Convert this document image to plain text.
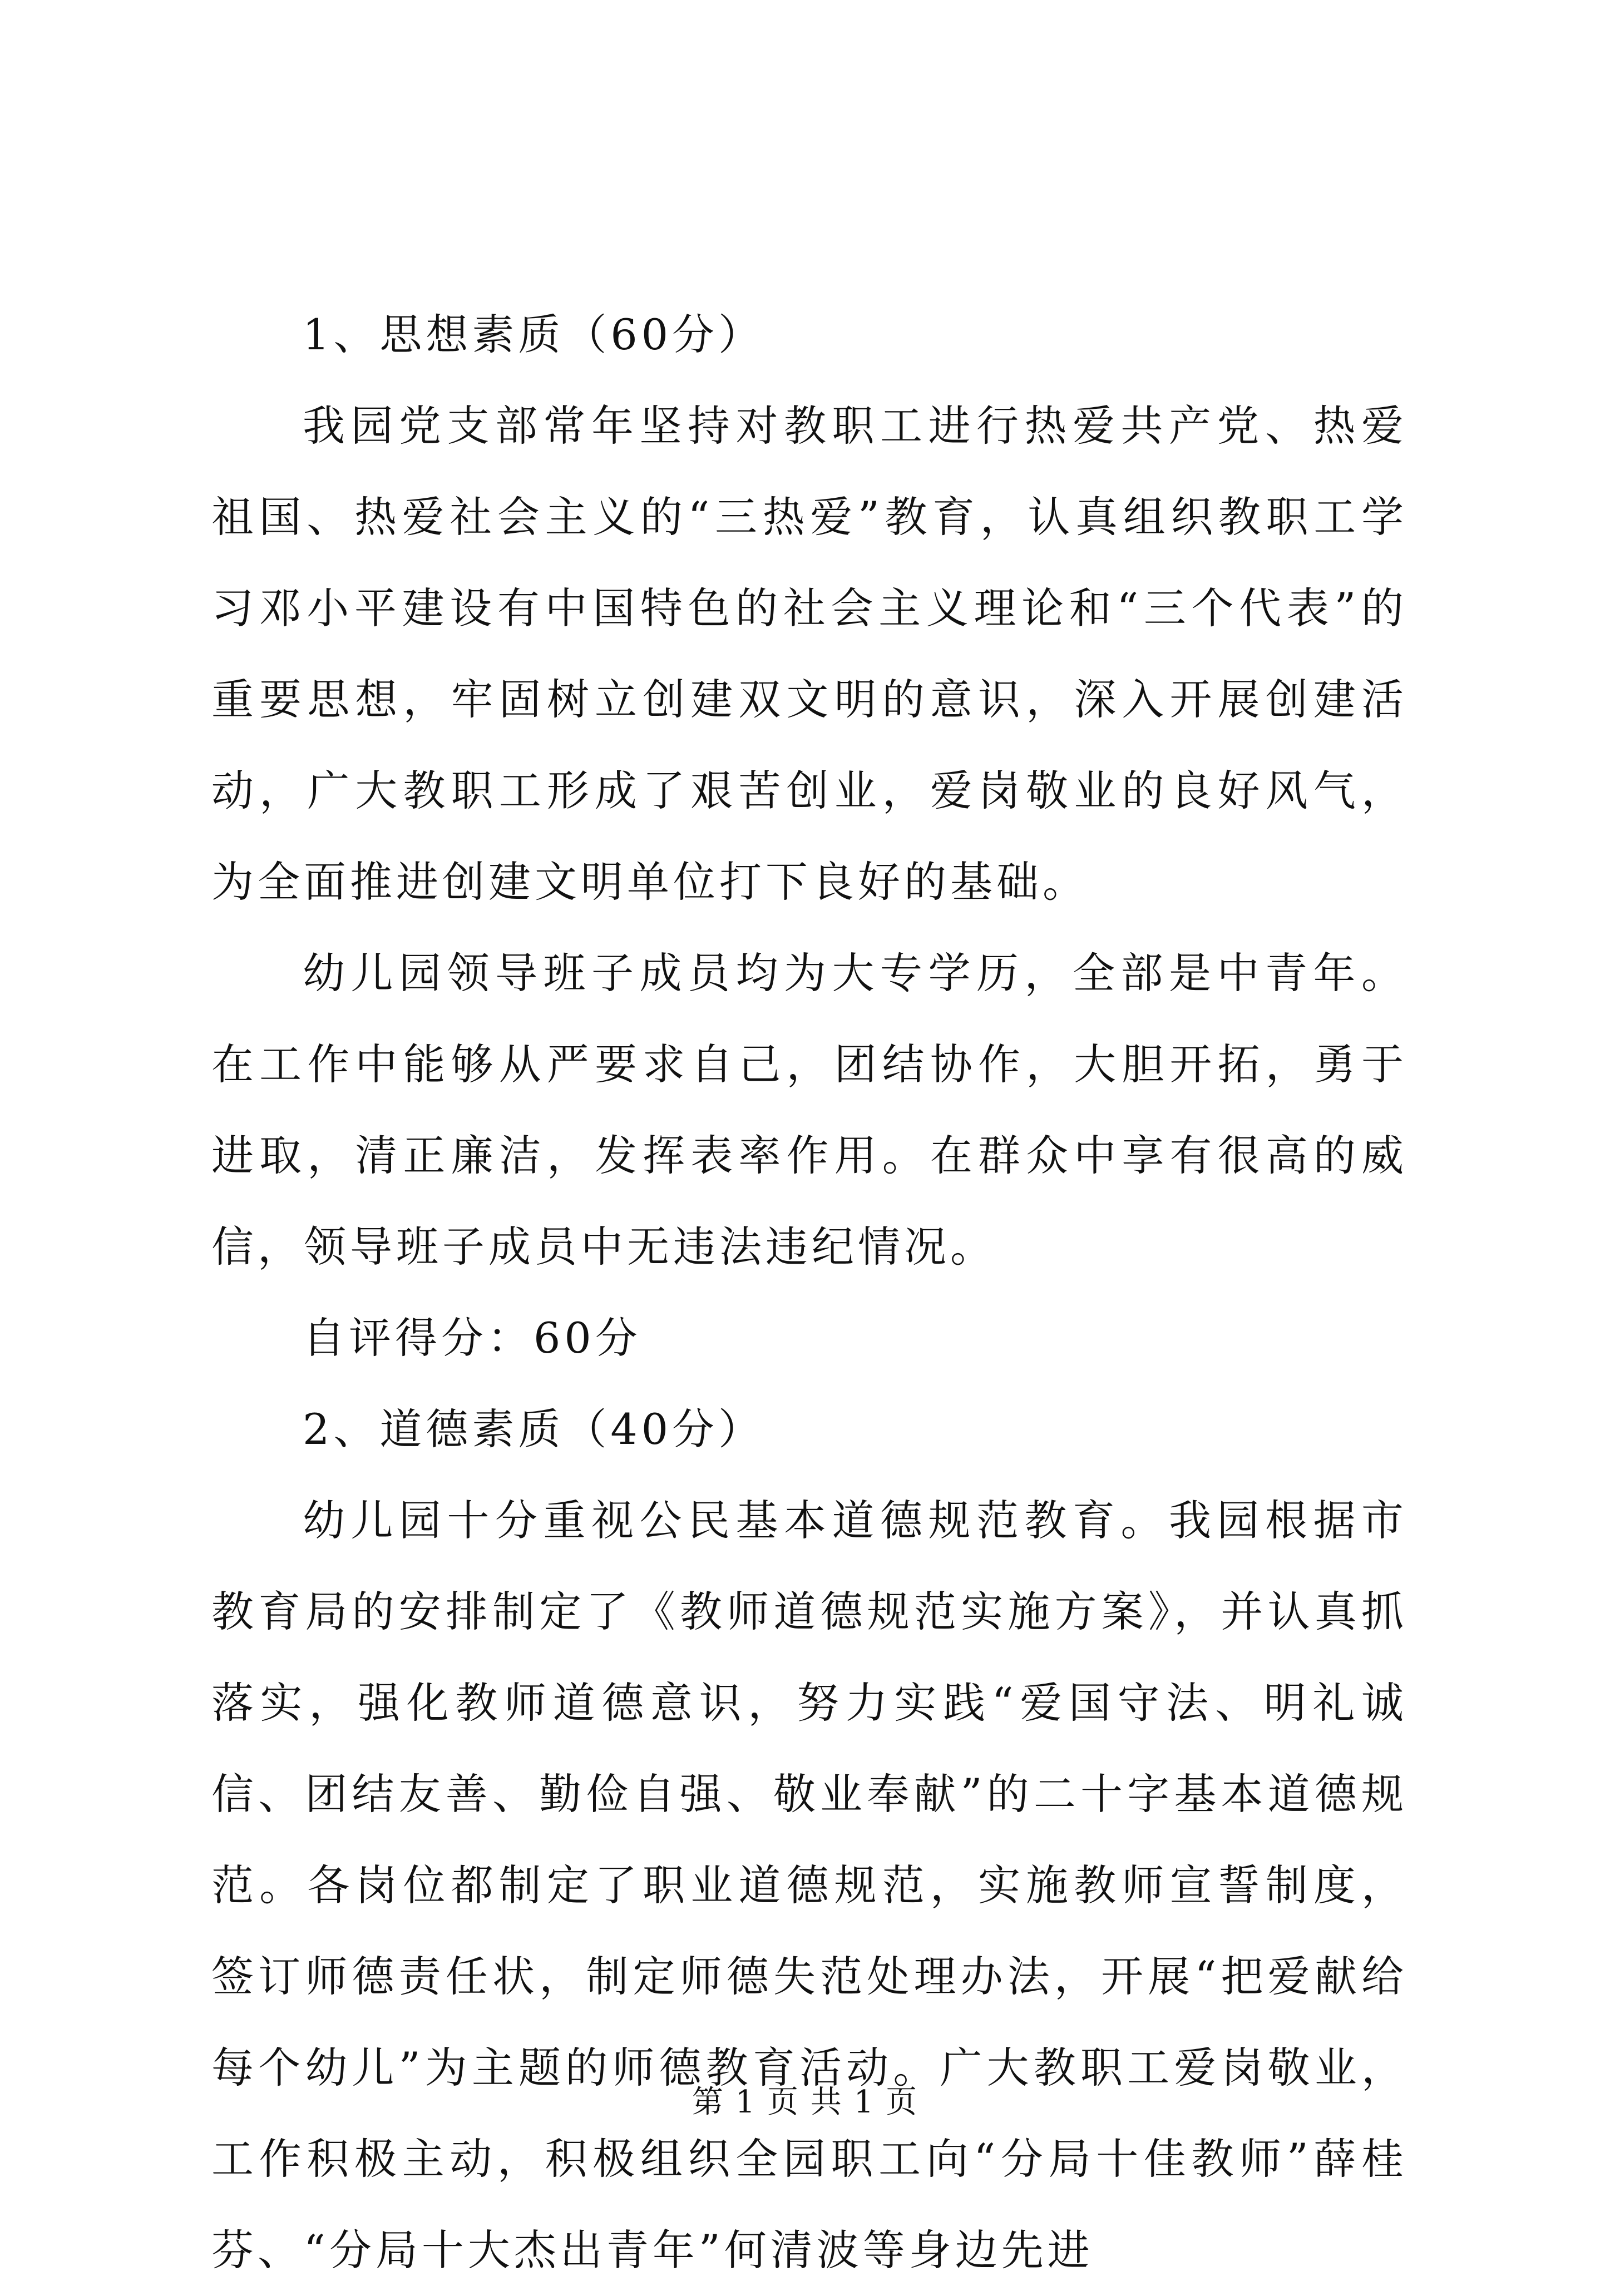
1、思想素质（60分）

我园党支部常年坚持对教职工进行热爱共产党、热爱祖国、热爱社会主义的“三热爱”教育，认真组织教职工学习邓小平建设有中国特色的社会主义理论和“三个代表”的重要思想，牢固树立创建双文明的意识，深入开展创建活动，广大教职工形成了艰苦创业，爱岗敬业的良好风气，为全面推进创建文明单位打下良好的基础。

幼儿园领导班子成员均为大专学历，全部是中青年。在工作中能够从严要求自己，团结协作，大胆开拓，勇于进取，清正廉洁，发挥表率作用。在群众中享有很高的威信，领导班子成员中无违法违纪情况。

自评得分：60分

2、道德素质（40分）

幼儿园十分重视公民基本道德规范教育。我园根据市教育局的安排制定了《教师道德规范实施方案》，并认真抓落实，强化教师道德意识，努力实践“爱国守法、明礼诚信、团结友善、勤俭自强、敬业奉献”的二十字基本道德规范。各岗位都制定了职业道德规范，实施教师宣誓制度，签订师德责任状，制定师德失范处理办法，开展“把爱献给每个幼儿”为主题的师德教育活动。广大教职工爱岗敬业，工作积极主动，积极组织全园职工向“分局十佳教师”薛桂芬、“分局十大杰出青年”何清波等身边先进

第 1 页 共 1 页
